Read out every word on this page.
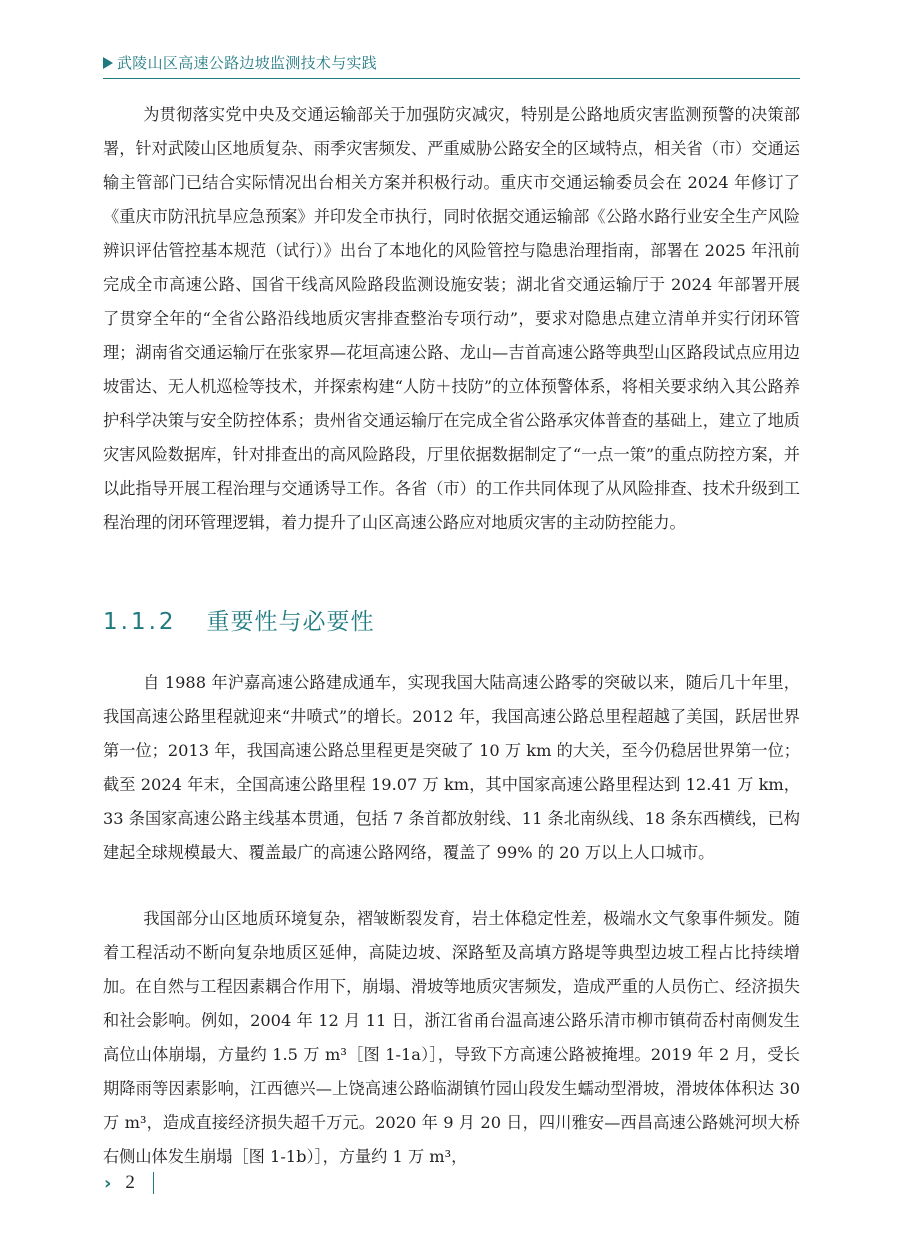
武陵山区高速公路边坡监测技术与实践

为贯彻落实党中央及交通运输部关于加强防灾减灾，特别是公路地质灾害监测预警的决策部署，针对武陵山区地质复杂、雨季灾害频发、严重威胁公路安全的区域特点，相关省（市）交通运输主管部门已结合实际情况出台相关方案并积极行动。重庆市交通运输委员会在 2024 年修订了《重庆市防汛抗旱应急预案》并印发全市执行，同时依据交通运输部《公路水路行业安全生产风险辨识评估管控基本规范（试行）》出台了本地化的风险管控与隐患治理指南，部署在 2025 年汛前完成全市高速公路、国省干线高风险路段监测设施安装；湖北省交通运输厅于 2024 年部署开展了贯穿全年的“全省公路沿线地质灾害排查整治专项行动”，要求对隐患点建立清单并实行闭环管理；湖南省交通运输厅在张家界—花垣高速公路、龙山—吉首高速公路等典型山区路段试点应用边坡雷达、无人机巡检等技术，并探索构建“人防＋技防”的立体预警体系，将相关要求纳入其公路养护科学决策与安全防控体系；贵州省交通运输厅在完成全省公路承灾体普查的基础上，建立了地质灾害风险数据库，针对排查出的高风险路段，厅里依据数据制定了“一点一策”的重点防控方案，并以此指导开展工程治理与交通诱导工作。各省（市）的工作共同体现了从风险排查、技术升级到工程治理的闭环管理逻辑，着力提升了山区高速公路应对地质灾害的主动防控能力。

1.1.2 重要性与必要性

自 1988 年沪嘉高速公路建成通车，实现我国大陆高速公路零的突破以来，随后几十年里，我国高速公路里程就迎来“井喷式”的增长。2012 年，我国高速公路总里程超越了美国，跃居世界第一位；2013 年，我国高速公路总里程更是突破了 10 万 km 的大关，至今仍稳居世界第一位；截至 2024 年末，全国高速公路里程 19.07 万 km，其中国家高速公路里程达到 12.41 万 km，33 条国家高速公路主线基本贯通，包括 7 条首都放射线、11 条北南纵线、18 条东西横线，已构建起全球规模最大、覆盖最广的高速公路网络，覆盖了 99% 的 20 万以上人口城市。

我国部分山区地质环境复杂，褶皱断裂发育，岩土体稳定性差，极端水文气象事件频发。随着工程活动不断向复杂地质区延伸，高陡边坡、深路堑及高填方路堤等典型边坡工程占比持续增加。在自然与工程因素耦合作用下，崩塌、滑坡等地质灾害频发，造成严重的人员伤亡、经济损失和社会影响。例如，2004 年 12 月 11 日，浙江省甬台温高速公路乐清市柳市镇荷岙村南侧发生高位山体崩塌，方量约 1.5 万 m³［图 1-1a）］，导致下方高速公路被掩埋。2019 年 2 月，受长期降雨等因素影响，江西德兴—上饶高速公路临湖镇竹园山段发生蠕动型滑坡，滑坡体体积达 30 万 m³，造成直接经济损失超千万元。2020 年 9 月 20 日，四川雅安—西昌高速公路姚河坝大桥右侧山体发生崩塌［图 1-1b）］，方量约 1 万 m³，

› 2
